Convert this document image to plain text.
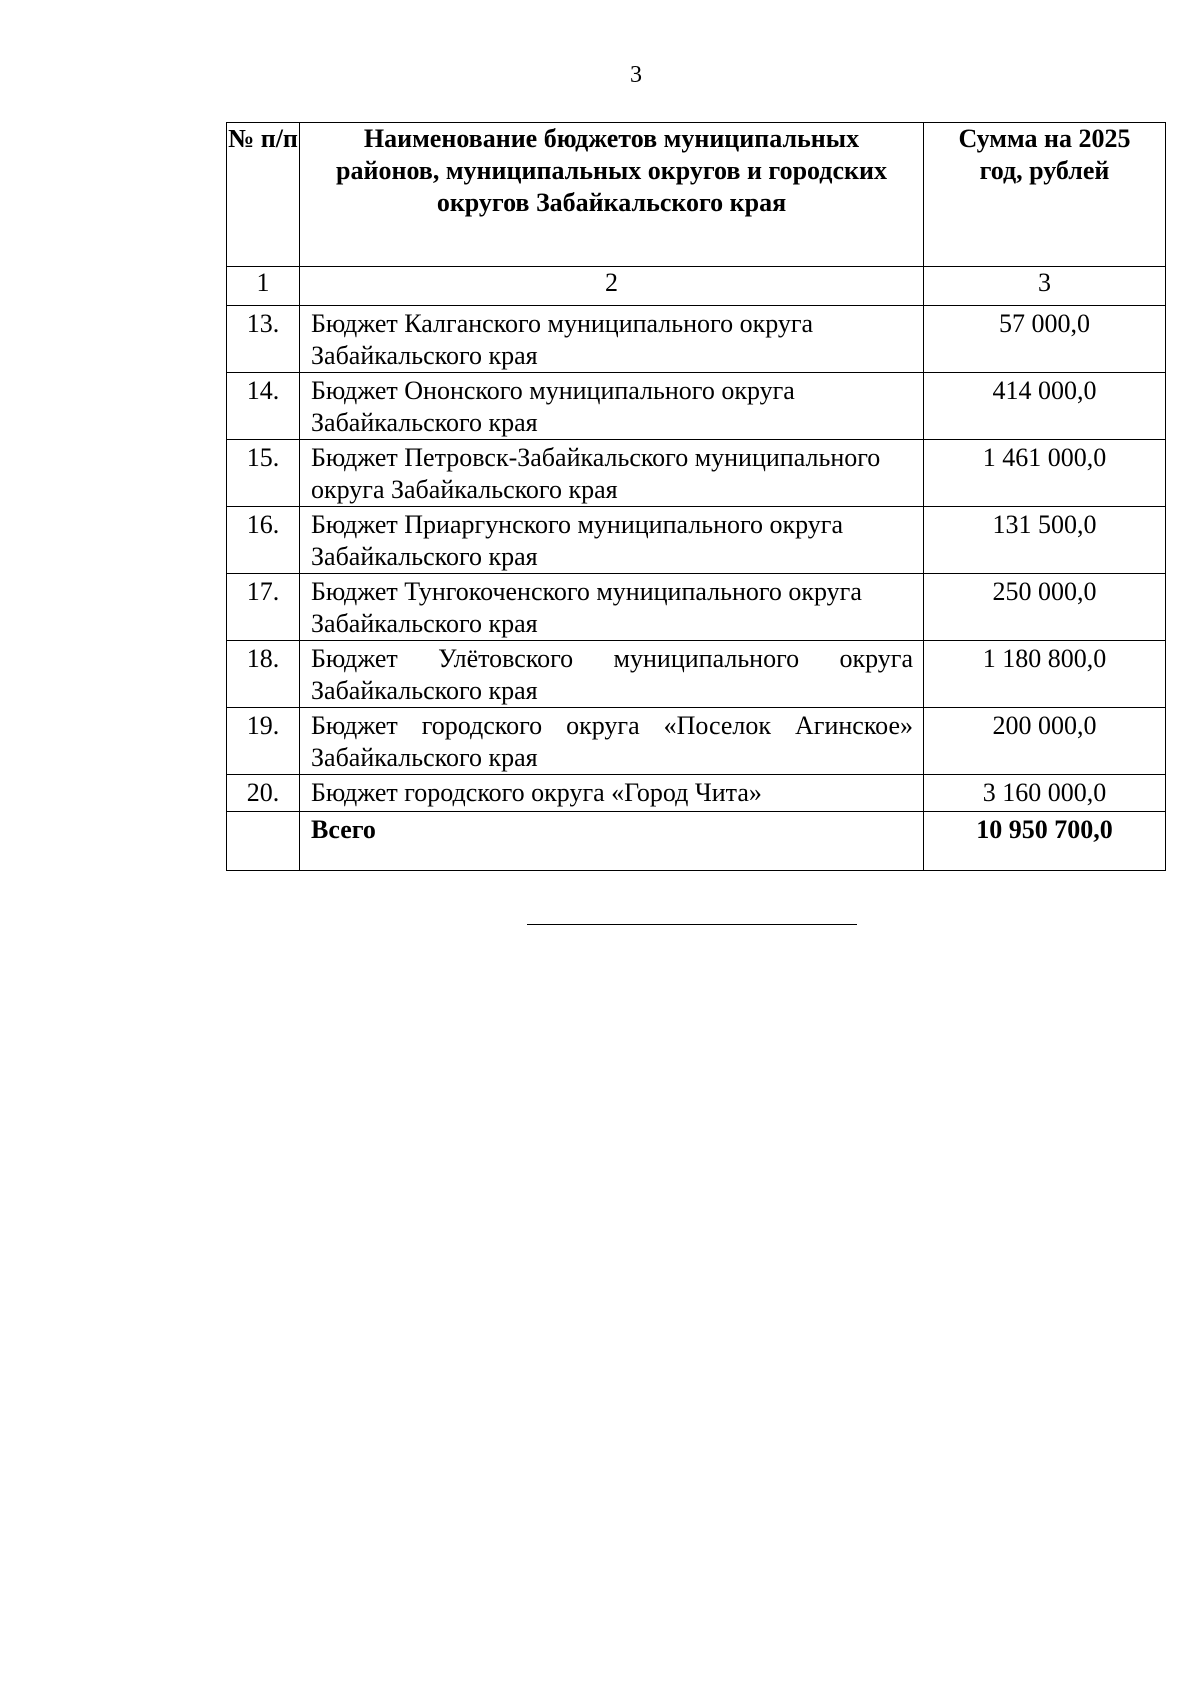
3
№ п/п	Наименование бюджетов муниципальных районов, муниципальных округов и городских округов Забайкальского края	Сумма на 2025 год, рублей
1	2	3
13.	Бюджет Калганского муниципального округа Забайкальского края	57 000,0
14.	Бюджет Ононского муниципального округа Забайкальского края	414 000,0
15.	Бюджет Петровск-Забайкальского муниципального округа Забайкальского края	1 461 000,0
16.	Бюджет Приаргунского муниципального округа Забайкальского края	131 500,0
17.	Бюджет Тунгокоченского муниципального округа Забайкальского края	250 000,0
18.	Бюджет Улётовского муниципального округа Забайкальского края	1 180 800,0
19.	Бюджет городского округа «Поселок Агинское» Забайкальского края	200 000,0
20.	Бюджет городского округа «Город Чита»	3 160 000,0
	Всего	10 950 700,0
